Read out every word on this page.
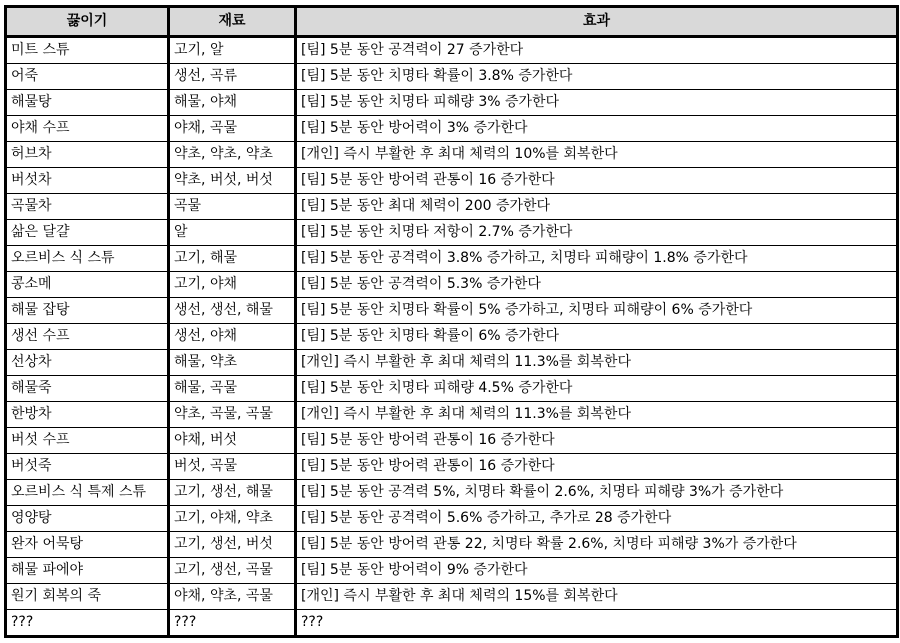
끓이기	재료	효과
미트 스튜	고기, 알	[팀] 5분 동안 공격력이 27 증가한다
어죽	생선, 곡류	[팀] 5분 동안 치명타 확률이 3.8% 증가한다
해물탕	해물, 야채	[팀] 5분 동안 치명타 피해량 3% 증가한다
야채 수프	야채, 곡물	[팀] 5분 동안 방어력이 3% 증가한다
허브차	약초, 약초, 약초	[개인] 즉시 부활한 후 최대 체력의 10%를 회복한다
버섯차	약초, 버섯, 버섯	[팀] 5분 동안 방어력 관통이 16 증가한다
곡물차	곡물	[팀] 5분 동안 최대 체력이 200 증가한다
삶은 달걀	알	[팀] 5분 동안 치명타 저항이 2.7% 증가한다
오르비스 식 스튜	고기, 해물	[팀] 5분 동안 공격력이 3.8% 증가하고, 치명타 피해량이 1.8% 증가한다
콩소메	고기, 야채	[팀] 5분 동안 공격력이 5.3% 증가한다
해물 잡탕	생선, 생선, 해물	[팀] 5분 동안 치명타 확률이 5% 증가하고, 치명타 피해량이 6% 증가한다
생선 수프	생선, 야채	[팀] 5분 동안 치명타 확률이 6% 증가한다
선상차	해물, 약초	[개인] 즉시 부활한 후 최대 체력의 11.3%를 회복한다
해물죽	해물, 곡물	[팀] 5분 동안 치명타 피해량 4.5% 증가한다
한방차	약초, 곡물, 곡물	[개인] 즉시 부활한 후 최대 체력의 11.3%를 회복한다
버섯 수프	야채, 버섯	[팀] 5분 동안 방어력 관통이 16 증가한다
버섯죽	버섯, 곡물	[팀] 5분 동안 방어력 관통이 16 증가한다
오르비스 식 특제 스튜	고기, 생선, 해물	[팀] 5분 동안 공격력 5%, 치명타 확률이 2.6%, 치명타 피해량 3%가 증가한다
영양탕	고기, 야채, 약초	[팀] 5분 동안 공격력이 5.6% 증가하고, 추가로 28 증가한다
완자 어묵탕	고기, 생선, 버섯	[팀] 5분 동안 방어력 관통 22, 치명타 확률 2.6%, 치명타 피해량 3%가 증가한다
해물 파에야	고기, 생선, 곡물	[팀] 5분 동안 방어력이 9% 증가한다
원기 회복의 죽	야채, 약초, 곡물	[개인] 즉시 부활한 후 최대 체력의 15%를 회복한다
???	???	???
